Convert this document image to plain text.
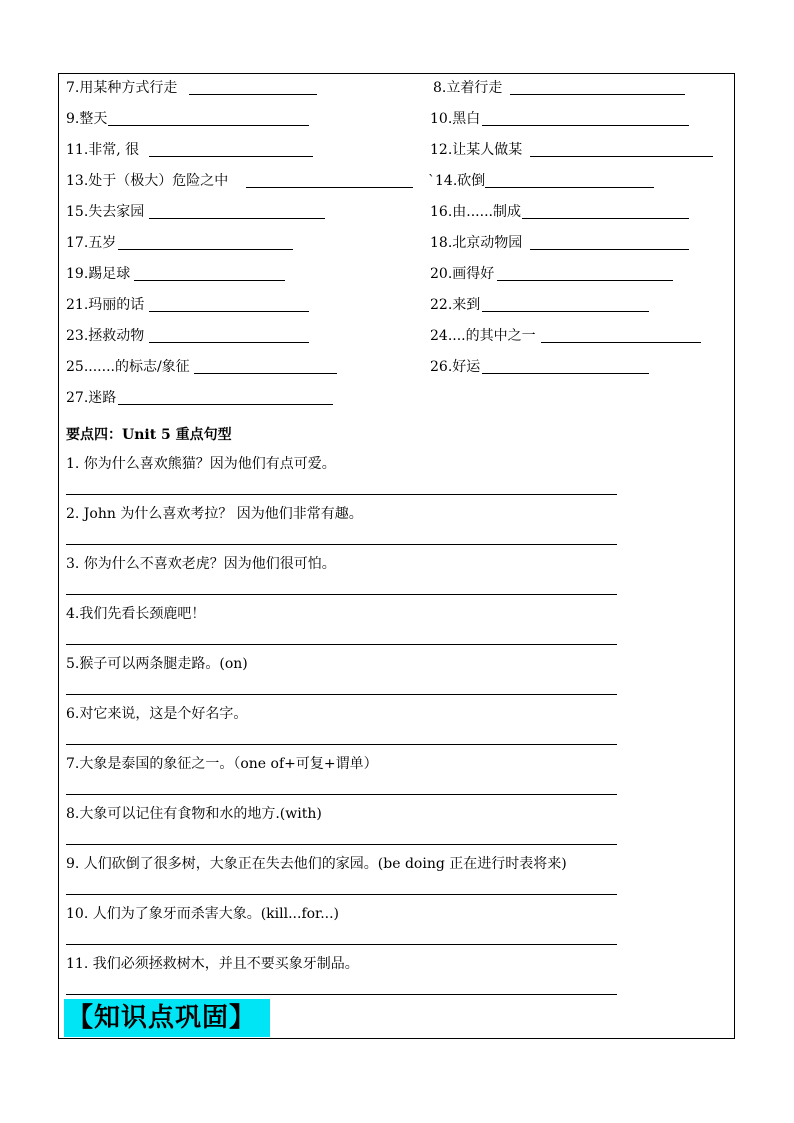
7.用某种方式行走
9.整天
11.非常, 很
13.处于（极大）危险之中
15.失去家园
17.五岁
19.踢足球
21.玛丽的话
23.拯救动物
25.......的标志/象征
27.迷路
8.立着行走
10.黑白
12.让某人做某
`14.砍倒
16.由......制成
18.北京动物园
20.画得好
22.来到
24....的其中之一
26.好运
要点四：Unit 5 重点句型
1. 你为什么喜欢熊猫？因为他们有点可爱。
2. John 为什么喜欢考拉？ 因为他们非常有趣。
3. 你为什么不喜欢老虎？因为他们很可怕。
4.我们先看长颈鹿吧！
5.猴子可以两条腿走路。(on)
6.对它来说，这是个好名字。
7.大象是泰国的象征之一。（one of+可复+谓单）
8.大象可以记住有食物和水的地方.(with)
9. 人们砍倒了很多树，大象正在失去他们的家园。(be doing 正在进行时表将来)
10. 人们为了象牙而杀害大象。(kill...for...)
11. 我们必须拯救树木，并且不要买象牙制品。
【知识点巩固】
